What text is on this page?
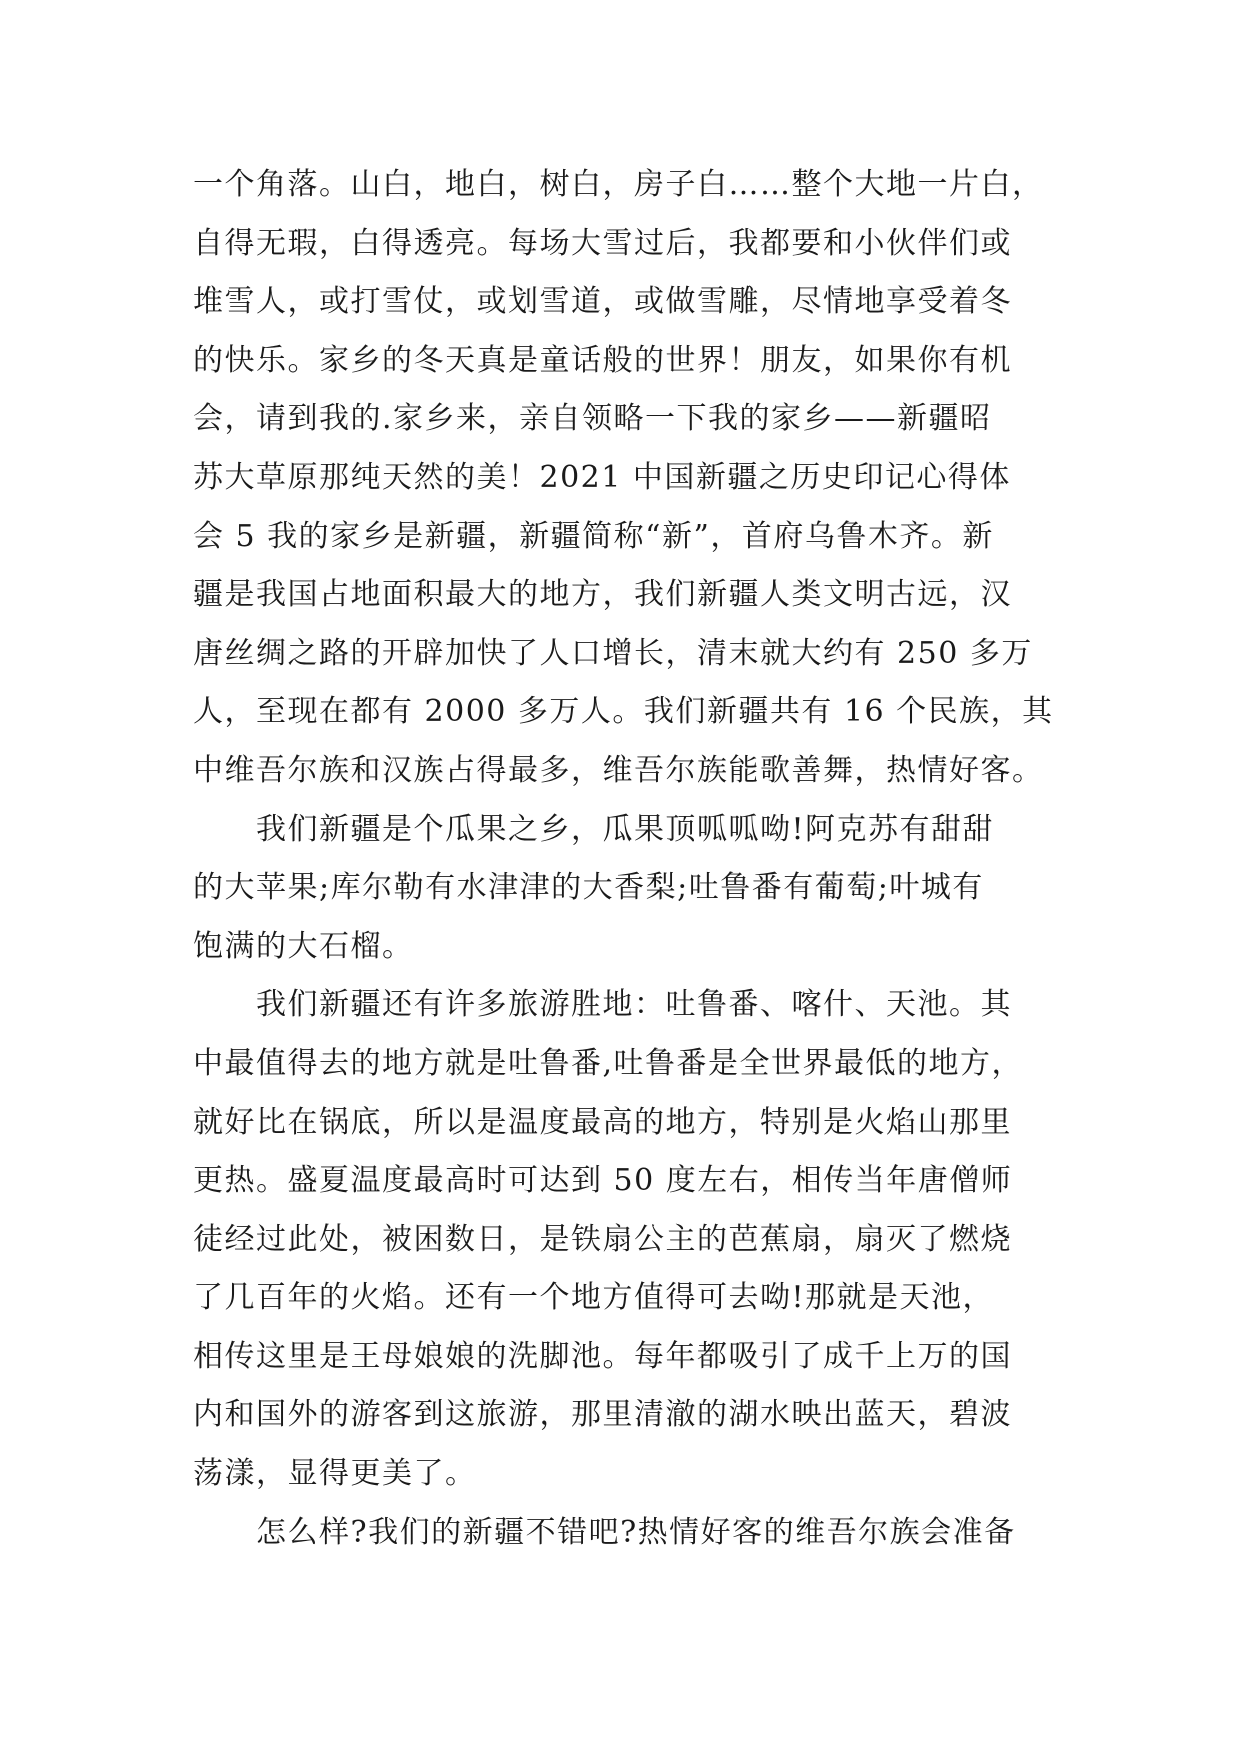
一个角落。山白，地白，树白，房子白……整个大地一片白，
自得无瑕，白得透亮。每场大雪过后，我都要和小伙伴们或
堆雪人，或打雪仗，或划雪道，或做雪雕，尽情地享受着冬
的快乐。家乡的冬天真是童话般的世界！朋友，如果你有机
会，请到我的.家乡来，亲自领略一下我的家乡——新疆昭
苏大草原那纯天然的美！2021 中国新疆之历史印记心得体
会 5 我的家乡是新疆，新疆简称“新”，首府乌鲁木齐。新
疆是我国占地面积最大的地方，我们新疆人类文明古远，汉
唐丝绸之路的开辟加快了人口增长，清末就大约有 250 多万
人，至现在都有 2000 多万人。我们新疆共有 16 个民族，其
中维吾尔族和汉族占得最多，维吾尔族能歌善舞，热情好客。
　　我们新疆是个瓜果之乡，瓜果顶呱呱呦!阿克苏有甜甜
的大苹果;库尔勒有水津津的大香梨;吐鲁番有葡萄;叶城有
饱满的大石榴。
　　我们新疆还有许多旅游胜地：吐鲁番、喀什、天池。其
中最值得去的地方就是吐鲁番,吐鲁番是全世界最低的地方，
就好比在锅底，所以是温度最高的地方，特别是火焰山那里
更热。盛夏温度最高时可达到 50 度左右，相传当年唐僧师
徒经过此处，被困数日，是铁扇公主的芭蕉扇，扇灭了燃烧
了几百年的火焰。还有一个地方值得可去呦!那就是天池，
相传这里是王母娘娘的洗脚池。每年都吸引了成千上万的国
内和国外的游客到这旅游，那里清澈的湖水映出蓝天，碧波
荡漾，显得更美了。
　　怎么样?我们的新疆不错吧?热情好客的维吾尔族会准备
